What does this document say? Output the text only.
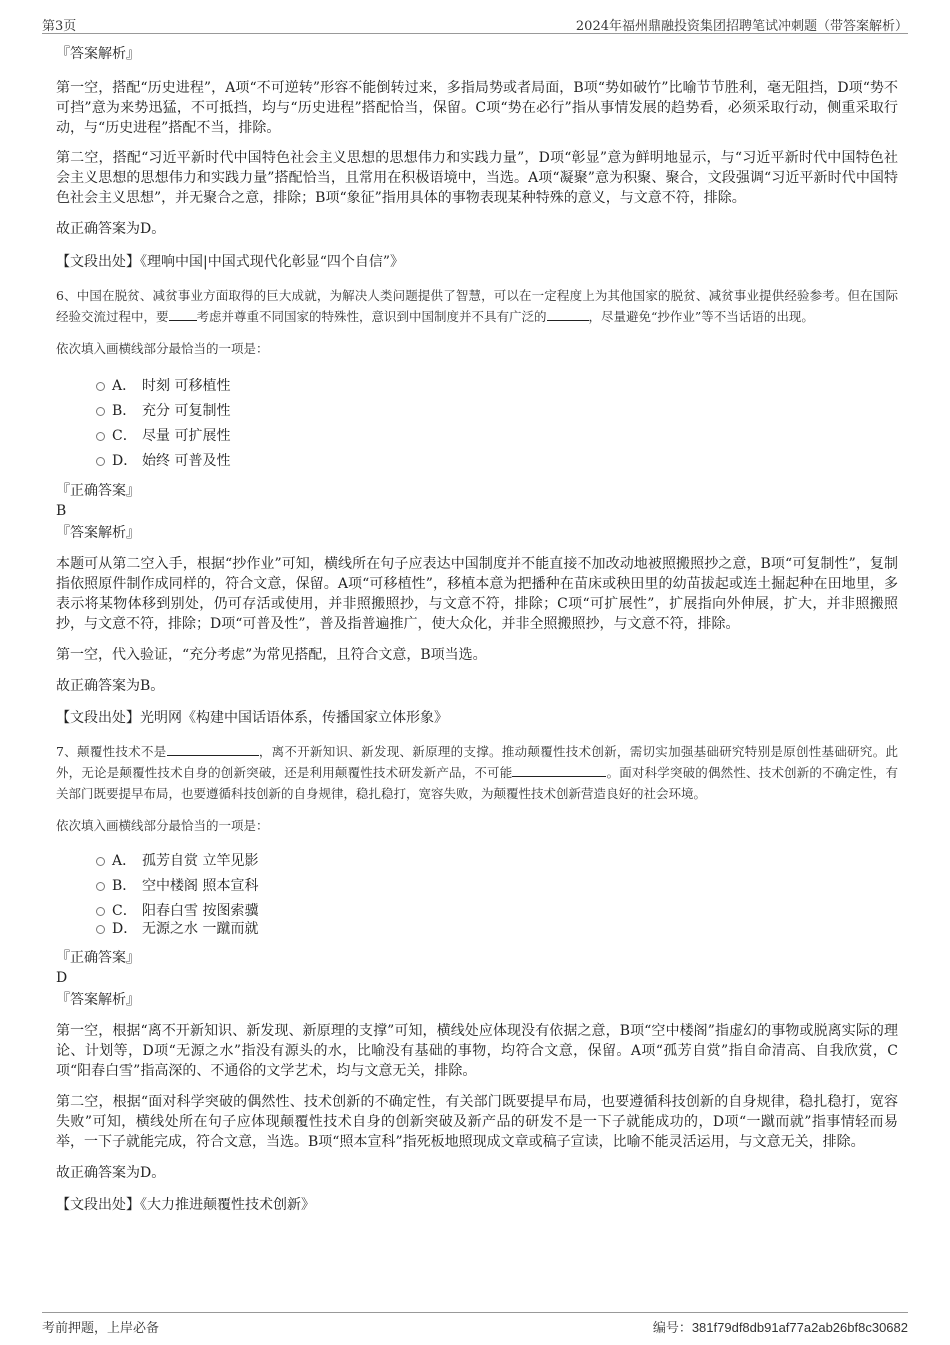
第3页	2024年福州鼎融投资集团招聘笔试冲刺题（带答案解析）
『答案解析』

第一空，搭配“历史进程”，A项“不可逆转”形容不能倒转过来，多指局势或者局面，B项“势如破竹”比喻节节胜利，毫无阻挡，D项“势不可挡”意为来势迅猛，不可抵挡，均与“历史进程”搭配恰当，保留。C项“势在必行”指从事情发展的趋势看，必须采取行动，侧重采取行动，与“历史进程”搭配不当，排除。

第二空，搭配“习近平新时代中国特色社会主义思想的思想伟力和实践力量”，D项“彰显”意为鲜明地显示，与“习近平新时代中国特色社会主义思想的思想伟力和实践力量”搭配恰当，且常用在积极语境中，当选。A项“凝聚”意为积聚、聚合，文段强调“习近平新时代中国特色社会主义思想”，并无聚合之意，排除；B项“象征”指用具体的事物表现某种特殊的意义，与文意不符，排除。

故正确答案为D。

【文段出处】《理响中国|中国式现代化彰显“四个自信”》

6、中国在脱贫、减贫事业方面取得的巨大成就，为解决人类问题提供了智慧，可以在一定程度上为其他国家的脱贫、减贫事业提供经验参考。但在国际经验交流过程中，要 考虑并尊重不同国家的特殊性，意识到中国制度并不具有广泛的	，尽量避免“抄作业”等不当话语的出现。

依次填入画横线部分最恰当的一项是：

A． 时刻 可移植性
B． 充分 可复制性
C． 尽量 可扩展性
D． 始终 可普及性
『正确答案』
B
『答案解析』

本题可从第二空入手，根据“抄作业”可知，横线所在句子应表达中国制度并不能直接不加改动地被照搬照抄之意，B项“可复制性”，复制指依照原件制作成同样的，符合文意，保留。A项“可移植性”，移植本意为把播种在苗床或秧田里的幼苗拔起或连土掘起种在田地里，多表示将某物体移到别处，仍可存活或使用，并非照搬照抄，与文意不符，排除；C项“可扩展性”，扩展指向外伸展，扩大，并非照搬照抄，与文意不符，排除；D项“可普及性”，普及指普遍推广，使大众化，并非全照搬照抄，与文意不符，排除。

第一空，代入验证，“充分考虑”为常见搭配，且符合文意，B项当选。

故正确答案为B。

【文段出处】光明网《构建中国话语体系，传播国家立体形象》

7、颠覆性技术不是	，离不开新知识、新发现、新原理的支撑。推动颠覆性技术创新，需切实加强基础研究特别是原创性基础研究。此外，无论是颠覆性技术自身的创新突破，还是利用颠覆性技术研发新产品，不可能	。面对科学突破的偶然性、技术创新的不确定性，有关部门既要提早布局，也要遵循科技创新的自身规律，稳扎稳打，宽容失败，为颠覆性技术创新营造良好的社会环境。

依次填入画横线部分最恰当的一项是：

A． 孤芳自赏 立竿见影
B． 空中楼阁 照本宣科
C． 阳春白雪 按图索骥
D． 无源之水 一蹴而就
『正确答案』
D
『答案解析』

第一空，根据“离不开新知识、新发现、新原理的支撑”可知，横线处应体现没有依据之意，B项“空中楼阁”指虚幻的事物或脱离实际的理论、计划等，D项“无源之水”指没有源头的水，比喻没有基础的事物，均符合文意，保留。A项“孤芳自赏”指自命清高、自我欣赏，C项“阳春白雪”指高深的、不通俗的文学艺术，均与文意无关，排除。

第二空，根据“面对科学突破的偶然性、技术创新的不确定性，有关部门既要提早布局，也要遵循科技创新的自身规律，稳扎稳打，宽容失败”可知，横线处所在句子应体现颠覆性技术自身的创新突破及新产品的研发不是一下子就能成功的，D项“一蹴而就”指事情轻而易举，一下子就能完成，符合文意，当选。B项“照本宣科”指死板地照现成文章或稿子宣读，比喻不能灵活运用，与文意无关，排除。

故正确答案为D。

【文段出处】《大力推进颠覆性技术创新》

考前押题，上岸必备	编号：381f79df8db91af77a2ab26bf8c30682
